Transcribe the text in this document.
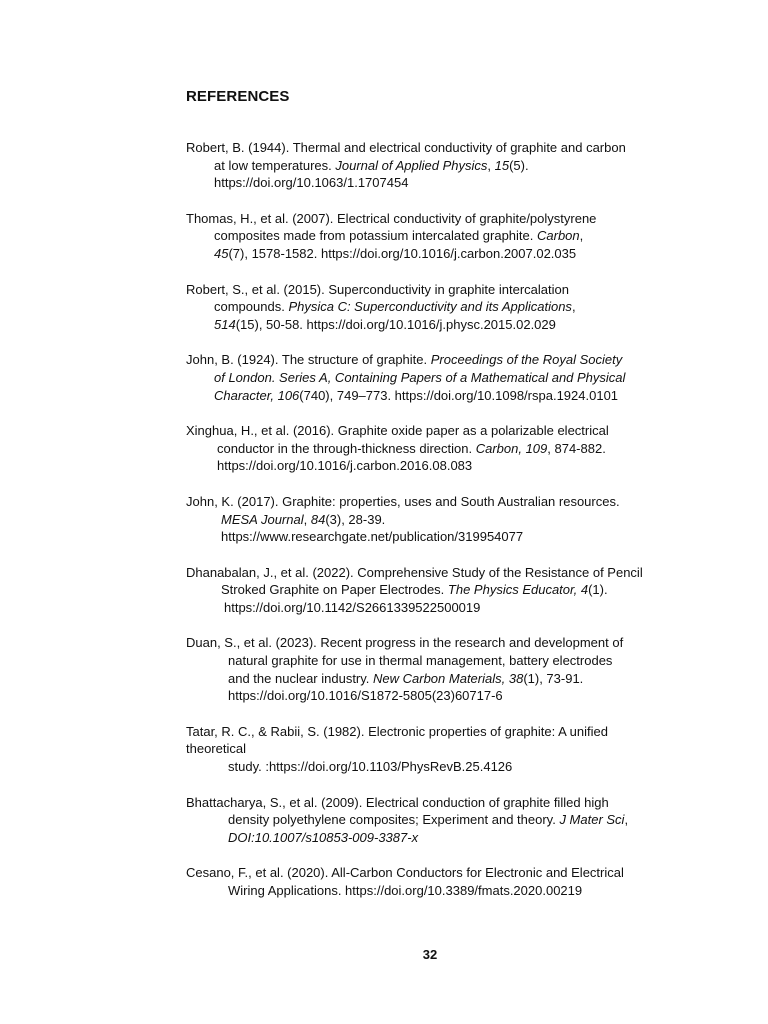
REFERENCES
Robert, B. (1944). Thermal and electrical conductivity of graphite and carbon
at low temperatures. Journal of Applied Physics, 15(5).
https://doi.org/10.1063/1.1707454
Thomas, H., et al. (2007). Electrical conductivity of graphite/polystyrene
composites made from potassium intercalated graphite. Carbon,
45(7), 1578-1582. https://doi.org/10.1016/j.carbon.2007.02.035
Robert, S., et al. (2015). Superconductivity in graphite intercalation
compounds. Physica C: Superconductivity and its Applications,
514(15), 50-58. https://doi.org/10.1016/j.physc.2015.02.029
John, B. (1924). The structure of graphite. Proceedings of the Royal Society
of London. Series A, Containing Papers of a Mathematical and Physical
Character, 106(740), 749–773. https://doi.org/10.1098/rspa.1924.0101
Xinghua, H., et al. (2016). Graphite oxide paper as a polarizable electrical
conductor in the through-thickness direction. Carbon, 109, 874-882.
https://doi.org/10.1016/j.carbon.2016.08.083
John, K. (2017). Graphite: properties, uses and South Australian resources.
MESA Journal, 84(3), 28-39.
https://www.researchgate.net/publication/319954077
Dhanabalan, J., et al. (2022). Comprehensive Study of the Resistance of Pencil
Stroked Graphite on Paper Electrodes. The Physics Educator, 4(1).
https://doi.org/10.1142/S2661339522500019
Duan, S., et al. (2023). Recent progress in the research and development of
natural graphite for use in thermal management, battery electrodes
and the nuclear industry. New Carbon Materials, 38(1), 73-91.
https://doi.org/10.1016/S1872-5805(23)60717-6
Tatar, R. C., & Rabii, S. (1982). Electronic properties of graphite: A unified
theoretical
study. :https://doi.org/10.1103/PhysRevB.25.4126
Bhattacharya, S., et al. (2009). Electrical conduction of graphite filled high
density polyethylene composites; Experiment and theory. J Mater Sci,
DOI:10.1007/s10853-009-3387-x
Cesano, F., et al. (2020). All-Carbon Conductors for Electronic and Electrical
Wiring Applications. https://doi.org/10.3389/fmats.2020.00219
32
